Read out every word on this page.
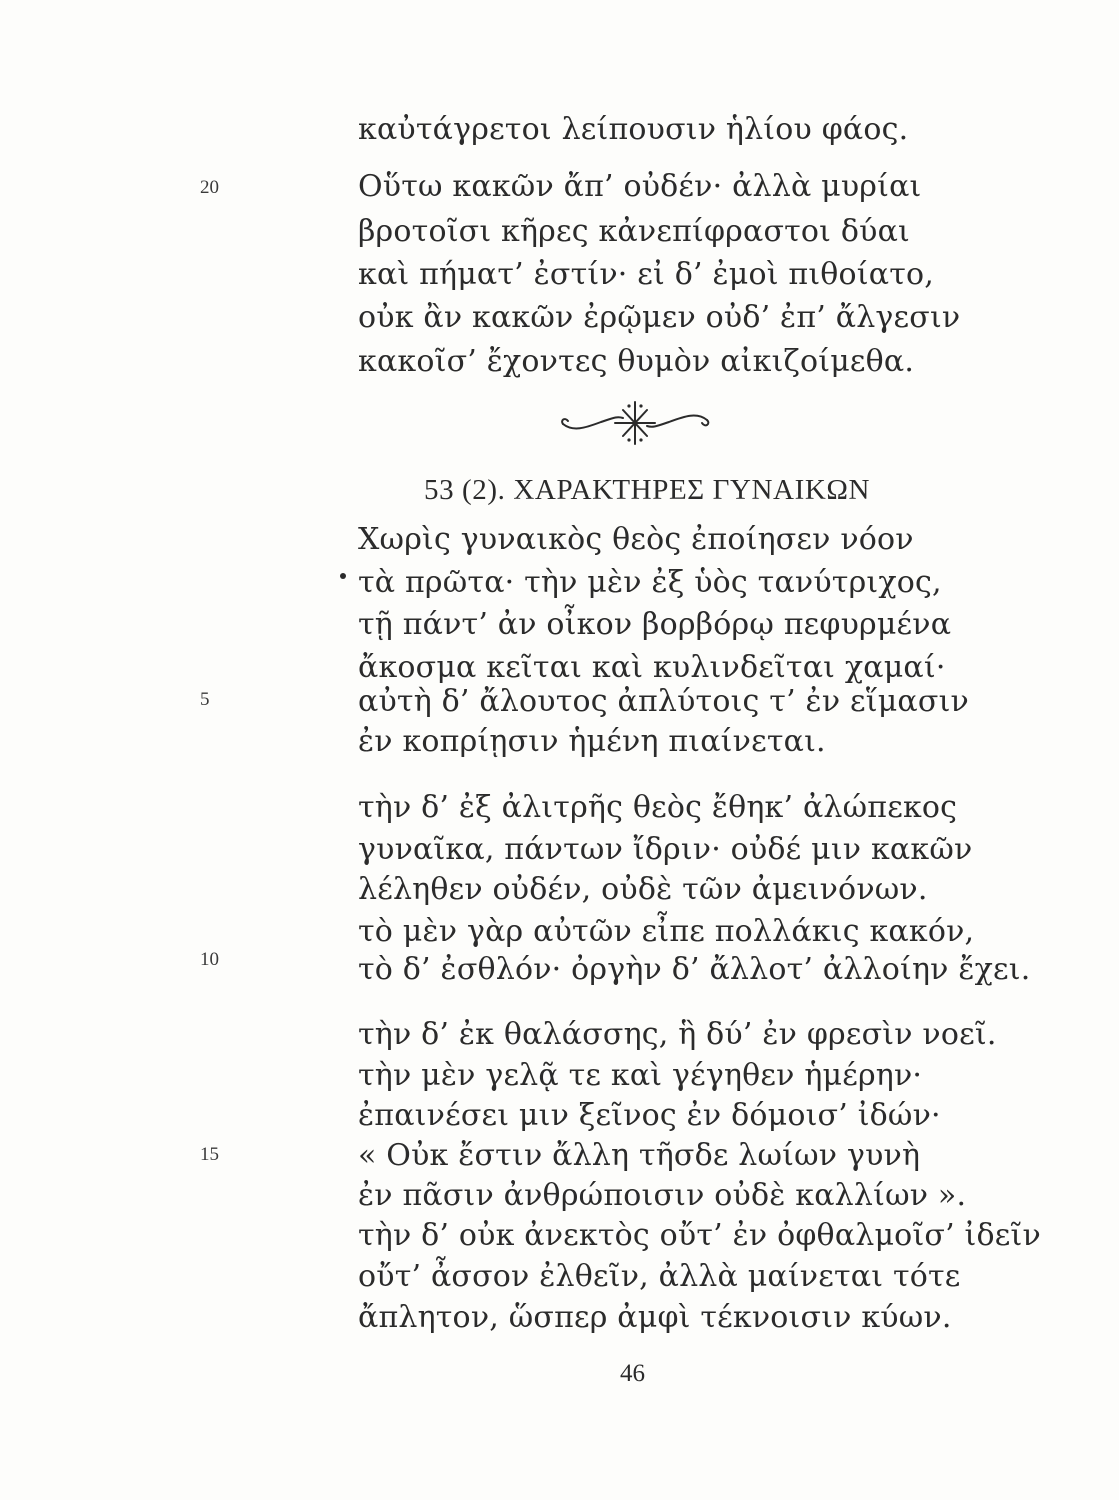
καὐτάγρετοι λείπουσιν ἡλίου φάος.
20	Οὕτω κακῶν ἄπ’ οὐδέν· ἀλλὰ μυρίαι
βροτοῖσι κῆρες κἀνεπίφραστοι δύαι
καὶ πήματ’ ἐστίν· εἰ δ’ ἐμοὶ πιθοίατο,
οὐκ ἂν κακῶν ἐρῷμεν οὐδ’ ἐπ’ ἄλγεσιν
κακοῖσ’ ἔχοντες θυμὸν αἰκιζοίμεθα.
53 (2). ΧΑΡΑΚΤΗΡΕΣ ΓΥΝΑΙΚΩΝ
Χωρὶς γυναικὸς θεὸς ἐποίησεν νόον
τὰ πρῶτα· τὴν μὲν ἐξ ὑὸς τανύτριχος,
τῇ πάντ’ ἀν οἶκον βορβόρῳ πεφυρμένα
ἄκοσμα κεῖται καὶ κυλινδεῖται χαμαί·
5	αὐτὴ δ’ ἄλουτος ἀπλύτοις τ’ ἐν εἵμασιν
ἐν κοπρίῃσιν ἡμένη πιαίνεται.
τὴν δ’ ἐξ ἀλιτρῆς θεὸς ἔθηκ’ ἀλώπεκος
γυναῖκα, πάντων ἴδριν· οὐδέ μιν κακῶν
λέληθεν οὐδέν, οὐδὲ τῶν ἀμεινόνων.
τὸ μὲν γὰρ αὐτῶν εἶπε πολλάκις κακόν,
10	τὸ δ’ ἐσθλόν· ὀργὴν δ’ ἄλλοτ’ ἀλλοίην ἔχει.
τὴν δ’ ἐκ θαλάσσης, ἣ δύ’ ἐν φρεσὶν νοεῖ.
τὴν μὲν γελᾷ τε καὶ γέγηθεν ἡμέρην·
ἐπαινέσει μιν ξεῖνος ἐν δόμοισ’ ἰδών·
15	« Οὐκ ἔστιν ἄλλη τῆσδε λωίων γυνὴ
ἐν πᾶσιν ἀνθρώποισιν οὐδὲ καλλίων ».
τὴν δ’ οὐκ ἀνεκτὸς οὔτ’ ἐν ὀφθαλμοῖσ’ ἰδεῖν
οὔτ’ ἆσσον ἐλθεῖν, ἀλλὰ μαίνεται τότε
ἄπλητον, ὥσπερ ἀμφὶ τέκνοισιν κύων.
46
